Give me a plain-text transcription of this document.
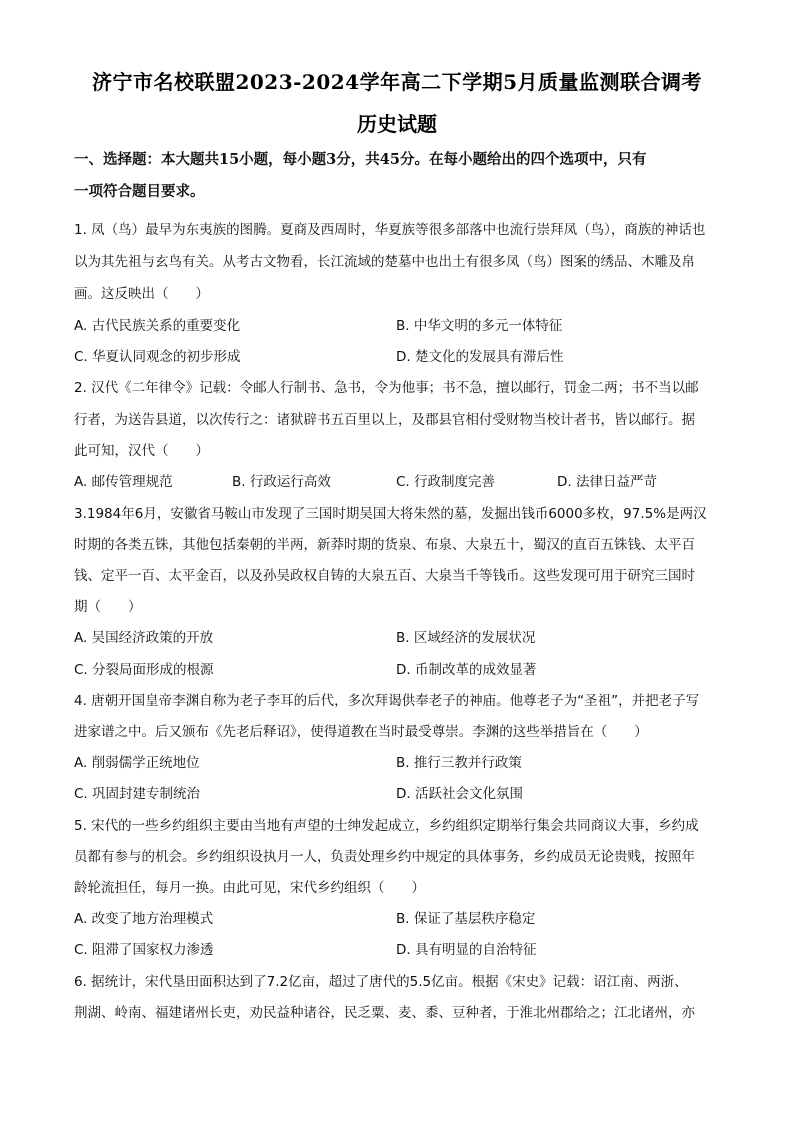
济宁市名校联盟2023-2024学年高二下学期5月质量监测联合调考
历史试题
一、选择题：本大题共15小题，每小题3分，共45分。在每小题给出的四个选项中，只有
一项符合题目要求。
1. 凤（鸟）最早为东夷族的图腾。夏商及西周时，华夏族等很多部落中也流行崇拜凤（鸟），商族的神话也
以为其先祖与玄鸟有关。从考古文物看，长江流域的楚墓中也出土有很多凤（鸟）图案的绣品、木雕及帛
画。这反映出（　　）
A. 古代民族关系的重要变化	B. 中华文明的多元一体特征
C. 华夏认同观念的初步形成	D. 楚文化的发展具有滞后性
2. 汉代《二年律令》记载：令邮人行制书、急书，令为他事；书不急，擅以邮行，罚金二两；书不当以邮
行者，为送告县道，以次传行之：诸狱辟书五百里以上，及郡县官相付受财物当校计者书，皆以邮行。据
此可知，汉代（　　）
A. 邮传管理规范	B. 行政运行高效	C. 行政制度完善	D. 法律日益严苛
3.1984年6月，安徽省马鞍山市发现了三国时期吴国大将朱然的墓，发掘出钱币6000多枚，97.5%是两汉
时期的各类五铢，其他包括秦朝的半两，新莽时期的货泉、布泉、大泉五十，蜀汉的直百五铢钱、太平百
钱、定平一百、太平金百，以及孙吴政权自铸的大泉五百、大泉当千等钱币。这些发现可用于研究三国时
期（　　）
A. 吴国经济政策的开放	B. 区域经济的发展状况
C. 分裂局面形成的根源	D. 币制改革的成效显著
4. 唐朝开国皇帝李渊自称为老子李耳的后代，多次拜谒供奉老子的神庙。他尊老子为“圣祖”，并把老子写
进家谱之中。后又颁布《先老后释诏》，使得道教在当时最受尊崇。李渊的这些举措旨在（　　）
A. 削弱儒学正统地位	B. 推行三教并行政策
C. 巩固封建专制统治	D. 活跃社会文化氛围
5. 宋代的一些乡约组织主要由当地有声望的士绅发起成立，乡约组织定期举行集会共同商议大事，乡约成
员都有参与的机会。乡约组织设执月一人，负责处理乡约中规定的具体事务，乡约成员无论贵贱，按照年
龄轮流担任，每月一换。由此可见，宋代乡约组织（　　）
A. 改变了地方治理模式	B. 保证了基层秩序稳定
C. 阻滞了国家权力渗透	D. 具有明显的自治特征
6. 据统计，宋代垦田面积达到了7.2亿亩，超过了唐代的5.5亿亩。根据《宋史》记载：诏江南、两浙、
荆湖、岭南、福建诸州长吏，劝民益种诸谷，民乏粟、麦、黍、豆种者，于淮北州郡给之；江北诸州，亦
